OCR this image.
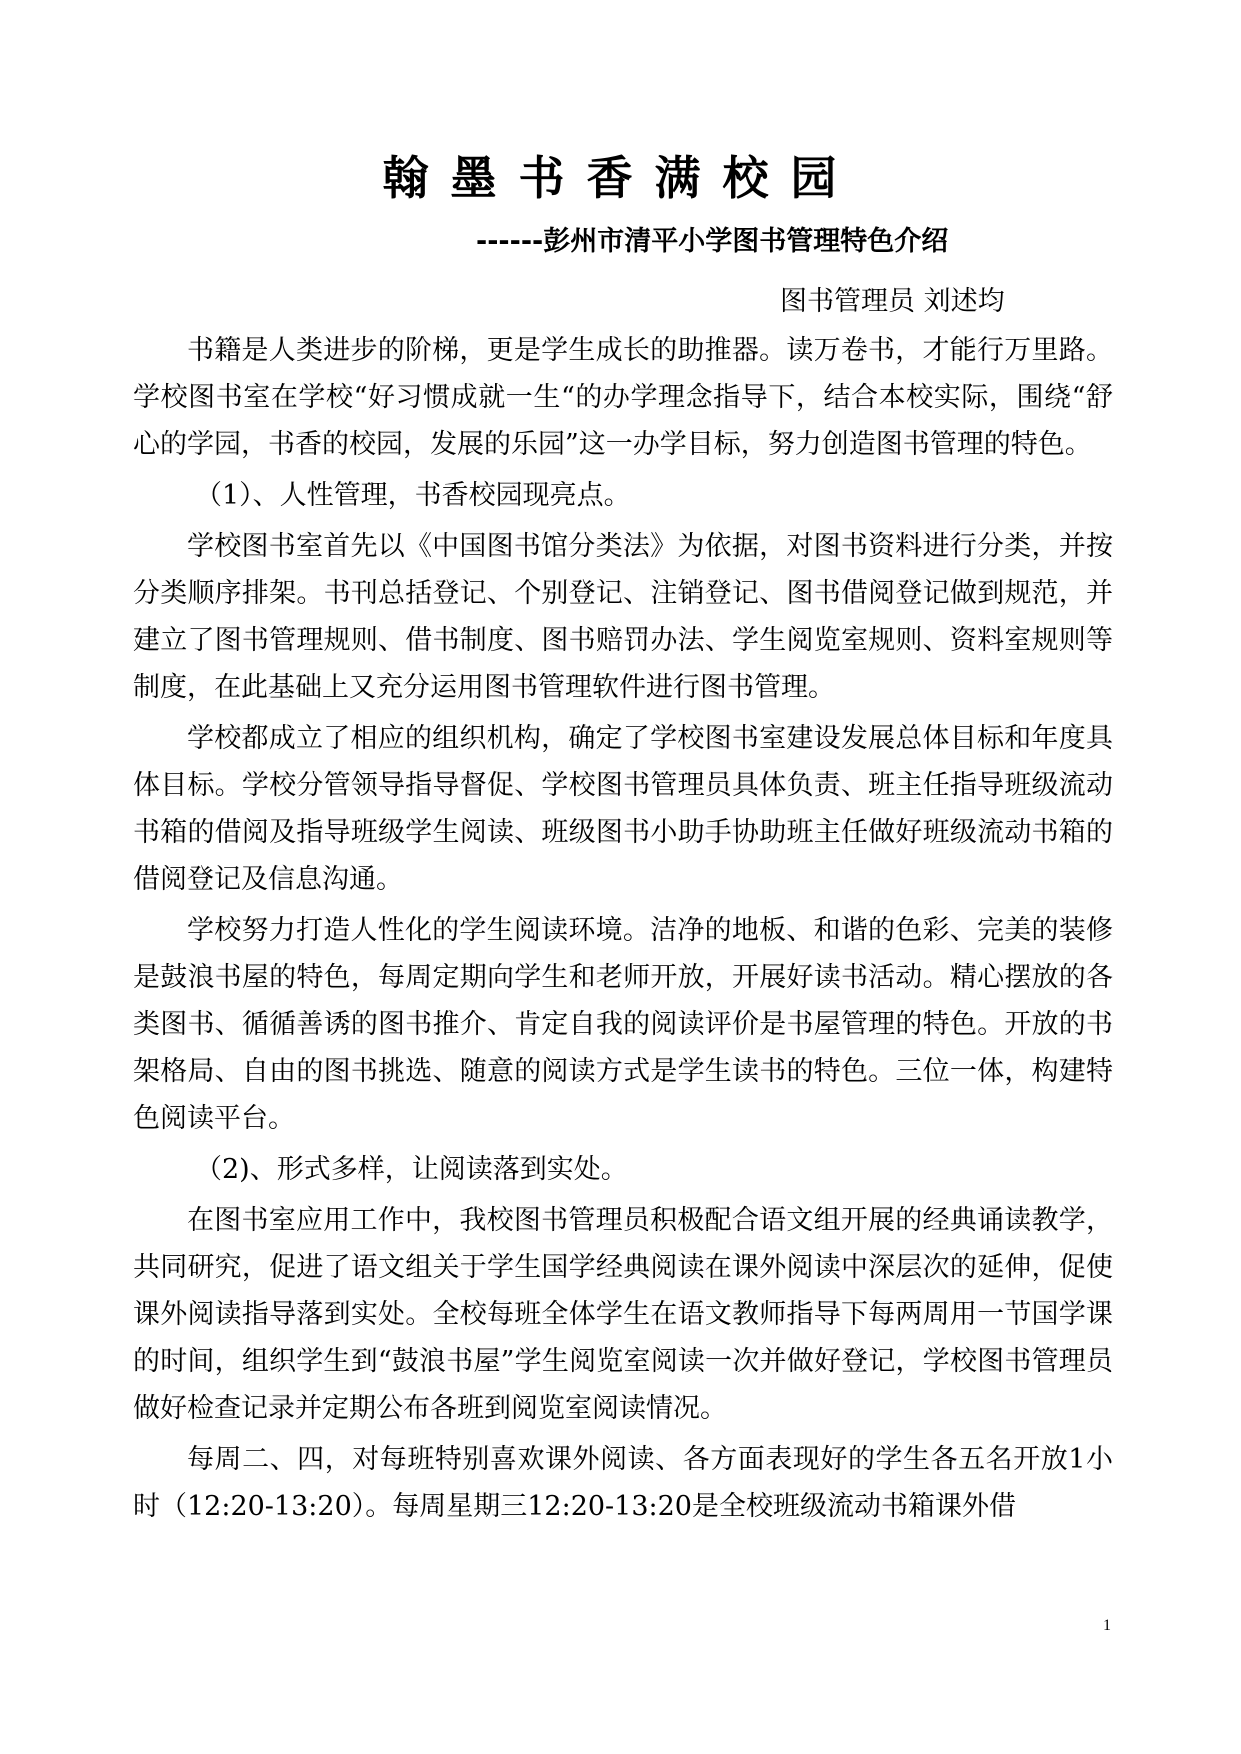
翰墨书香满校园
------彭州市清平小学图书管理特色介绍
图书管理员 刘述均

书籍是人类进步的阶梯，更是学生成长的助推器。读万卷书，才能行万里路。学校图书室在学校“好习惯成就一生“的办学理念指导下，结合本校实际，围绕“舒心的学园，书香的校园，发展的乐园”这一办学目标，努力创造图书管理的特色。

（1）、人性管理，书香校园现亮点。

学校图书室首先以《中国图书馆分类法》为依据，对图书资料进行分类，并按分类顺序排架。书刊总括登记、个别登记、注销登记、图书借阅登记做到规范，并建立了图书管理规则、借书制度、图书赔罚办法、学生阅览室规则、资料室规则等制度，在此基础上又充分运用图书管理软件进行图书管理。

学校都成立了相应的组织机构，确定了学校图书室建设发展总体目标和年度具体目标。学校分管领导指导督促、学校图书管理员具体负责、班主任指导班级流动书箱的借阅及指导班级学生阅读、班级图书小助手协助班主任做好班级流动书箱的借阅登记及信息沟通。

学校努力打造人性化的学生阅读环境。洁净的地板、和谐的色彩、完美的装修是鼓浪书屋的特色，每周定期向学生和老师开放，开展好读书活动。精心摆放的各类图书、循循善诱的图书推介、肯定自我的阅读评价是书屋管理的特色。开放的书架格局、自由的图书挑选、随意的阅读方式是学生读书的特色。三位一体，构建特色阅读平台。

（2)、形式多样，让阅读落到实处。

在图书室应用工作中，我校图书管理员积极配合语文组开展的经典诵读教学，共同研究，促进了语文组关于学生国学经典阅读在课外阅读中深层次的延伸，促使课外阅读指导落到实处。全校每班全体学生在语文教师指导下每两周用一节国学课的时间，组织学生到“鼓浪书屋”学生阅览室阅读一次并做好登记，学校图书管理员做好检查记录并定期公布各班到阅览室阅读情况。

每周二、四，对每班特别喜欢课外阅读、各方面表现好的学生各五名开放1小时（12:20-13:20）。每周星期三12:20-13:20是全校班级流动书箱课外借

1
